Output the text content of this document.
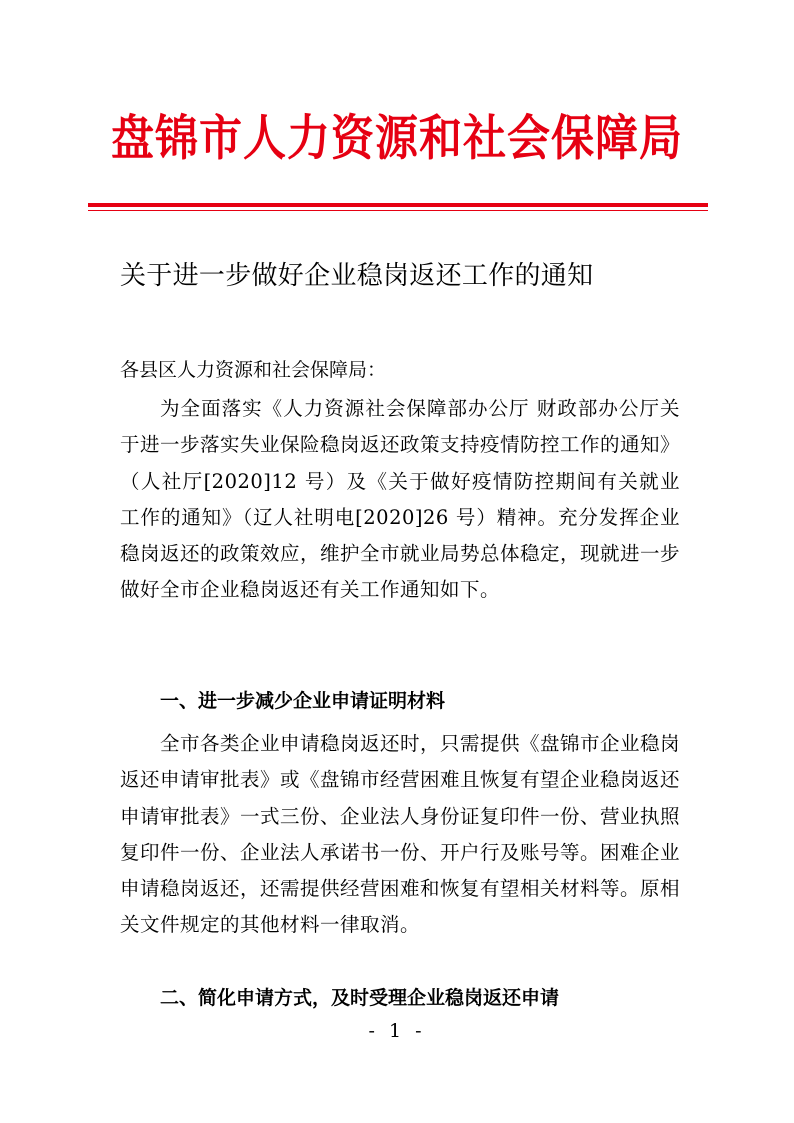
盘锦市人力资源和社会保障局
关于进一步做好企业稳岗返还工作的通知
各县区人力资源和社会保障局：
为全面落实《人力资源社会保障部办公厅 财政部办公厅关于进一步落实失业保险稳岗返还政策支持疫情防控工作的通知》（人社厅[2020]12 号）及《关于做好疫情防控期间有关就业工作的通知》（辽人社明电[2020]26 号）精神。充分发挥企业稳岗返还的政策效应，维护全市就业局势总体稳定，现就进一步做好全市企业稳岗返还有关工作通知如下。
一、进一步减少企业申请证明材料
全市各类企业申请稳岗返还时，只需提供《盘锦市企业稳岗返还申请审批表》或《盘锦市经营困难且恢复有望企业稳岗返还申请审批表》一式三份、企业法人身份证复印件一份、营业执照复印件一份、企业法人承诺书一份、开户行及账号等。困难企业申请稳岗返还，还需提供经营困难和恢复有望相关材料等。原相关文件规定的其他材料一律取消。
二、简化申请方式，及时受理企业稳岗返还申请
- 1 -
